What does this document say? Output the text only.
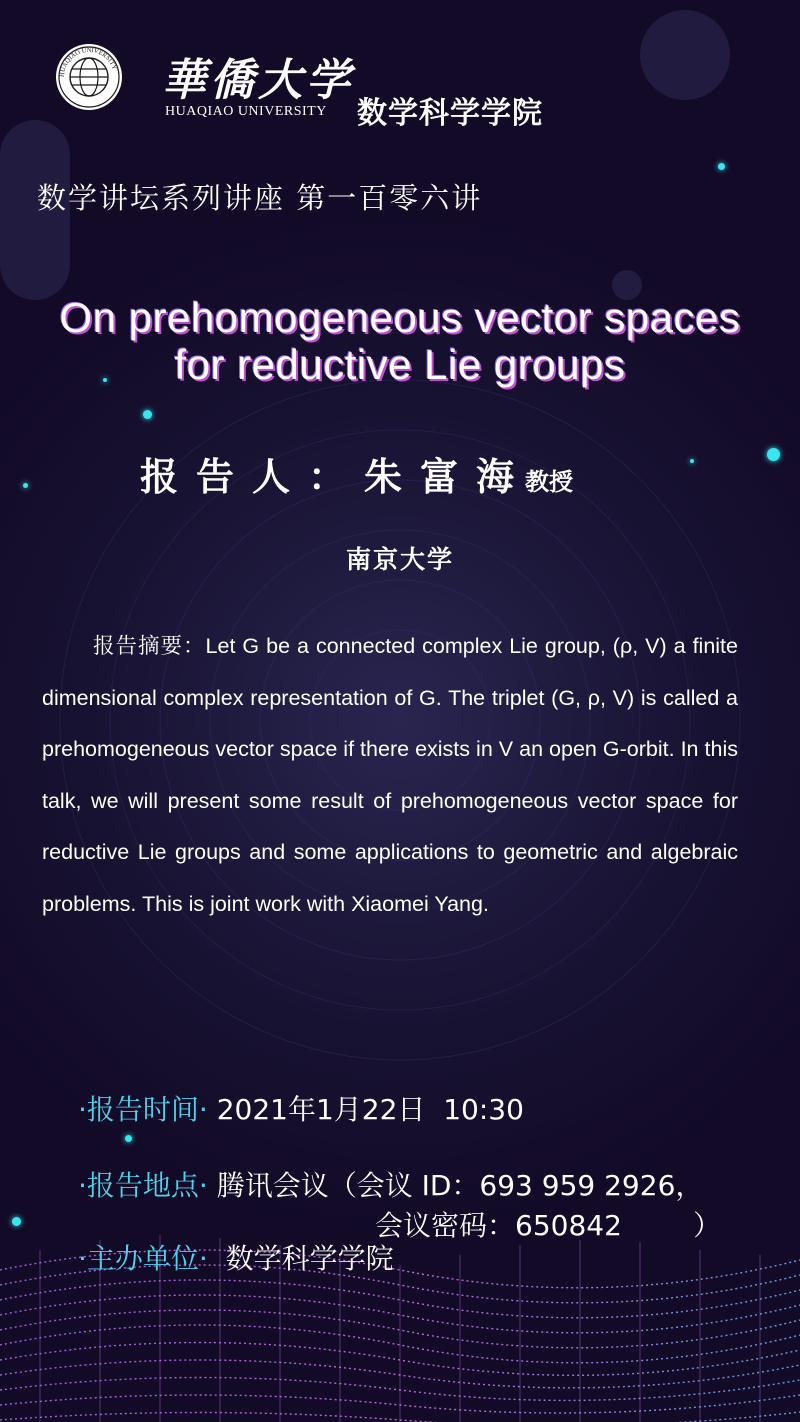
HUAQIAO UNIVERSITY 華僑大学
HUAQIAO UNIVERSITY 数学科学学院
数学讲坛系列讲座 第一百零六讲
On prehomogeneous vector spaces
for reductive Lie groups
报告人：朱富海
教授
南京大学
报告摘要：Let G be a connected complex Lie group, (ρ, V) a finite dimensional complex representation of G. The triplet (G, ρ, V) is called a prehomogeneous vector space if there exists in V an open G-orbit. In this talk, we will present some result of prehomogeneous vector space for reductive Lie groups and some applications to geometric and algebraic problems. This is joint work with Xiaomei Yang.
·报告时间· 2021年1月22日  10:30
·报告地点· 腾讯会议（会议 ID：693 959 2926，
会议密码：650842        ）
·主办单位·  数学科学学院
